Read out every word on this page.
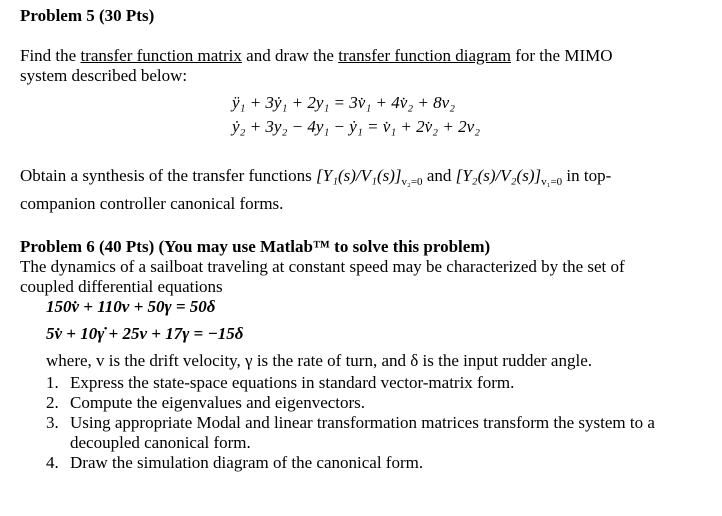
Problem 5 (30 Pts)
Find the transfer function matrix and draw the transfer function diagram for the MIMO
system described below:
ÿ₁ + 3ẏ₁ + 2y₁ = 3v̇₁ + 4v̇₂ + 8v₂
ẏ₂ + 3y₂ − 4y₁ − ẏ₁ = v̇₁ + 2v̇₂ + 2v₂
Obtain a synthesis of the transfer functions $[Y_1(s)/V_1(s)]_{v_2=0}$ and $[Y_2(s)/V_2(s)]_{v_1=0}$ in top-
companion controller canonical forms.
Problem 6 (40 Pts) (You may use Matlab™ to solve this problem)
The dynamics of a sailboat traveling at constant speed may be characterized by the set of
coupled differential equations
150v̇ + 110v + 50γ = 50δ
5v̇ + 10γ̇ + 25v + 17γ = −15δ
where, v is the drift velocity, γ is the rate of turn, and δ is the input rudder angle.
1. Express the state-space equations in standard vector-matrix form.
2. Compute the eigenvalues and eigenvectors.
3. Using appropriate Modal and linear transformation matrices transform the system to a
decoupled canonical form.
4. Draw the simulation diagram of the canonical form.
